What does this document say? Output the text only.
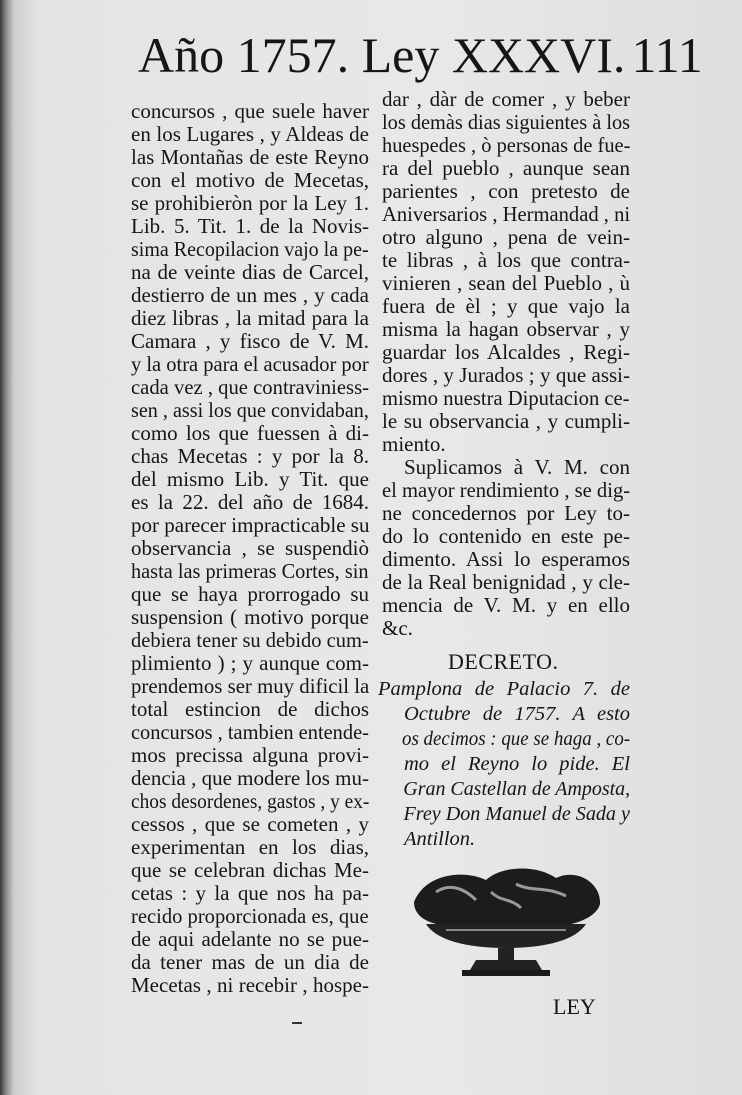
Año 1757. Ley XXXVI. 111
concursos , que suele haver
en los Lugares , y Aldeas de
las Montañas de este Reyno
con el motivo de Mecetas,
se prohibieròn por la Ley 1.
Lib. 5. Tit. 1. de la Novis-
sima Recopilacion vajo la pe-
na de veinte dias de Carcel,
destierro de un mes , y cada
diez libras , la mitad para la
Camara , y fisco de V. M.
y la otra para el acusador por
cada vez , que contraviniess-
sen , assi los que convidaban,
como los que fuessen à di-
chas Mecetas : y por la 8.
del mismo Lib. y Tit. que
es la 22. del año de 1684.
por parecer impracticable su
observancia , se suspendiò
hasta las primeras Cortes, sin
que se haya prorrogado su
suspension ( motivo porque
debiera tener su debido cum-
plimiento ) ; y aunque com-
prendemos ser muy dificil la
total estincion de dichos
concursos , tambien entende-
mos precissa alguna provi-
dencia , que modere los mu-
chos desordenes, gastos , y ex-
cessos , que se cometen , y
experimentan en los dias,
que se celebran dichas Me-
cetas : y la que nos ha pa-
recido proporcionada es, que
de aqui adelante no se pue-
da tener mas de un dia de
Mecetas , ni recebir , hospe-
dar , dàr de comer , y beber
los demàs dias siguientes à los
huespedes , ò personas de fue-
ra del pueblo , aunque sean
parientes , con pretesto de
Aniversarios , Hermandad , ni
otro alguno , pena de vein-
te libras , à los que contra-
vinieren , sean del Pueblo , ù
fuera de èl ; y que vajo la
misma la hagan observar , y
guardar los Alcaldes , Regi-
dores , y Jurados ; y que assi-
mismo nuestra Diputacion ce-
le su observancia , y cumpli-
miento.
Suplicamos à V. M. con
el mayor rendimiento , se dig-
ne concedernos por Ley to-
do lo contenido en este pe-
dimento. Assi lo esperamos
de la Real benignidad , y cle-
mencia de V. M. y en ello
&c.
DECRETO.
Pamplona de Palacio 7. de
Octubre de 1757. A esto
os decimos : que se haga , co-
mo el Reyno lo pide. El
Gran Castellan de Amposta,
Frey Don Manuel de Sada y
Antillon.
LEY
